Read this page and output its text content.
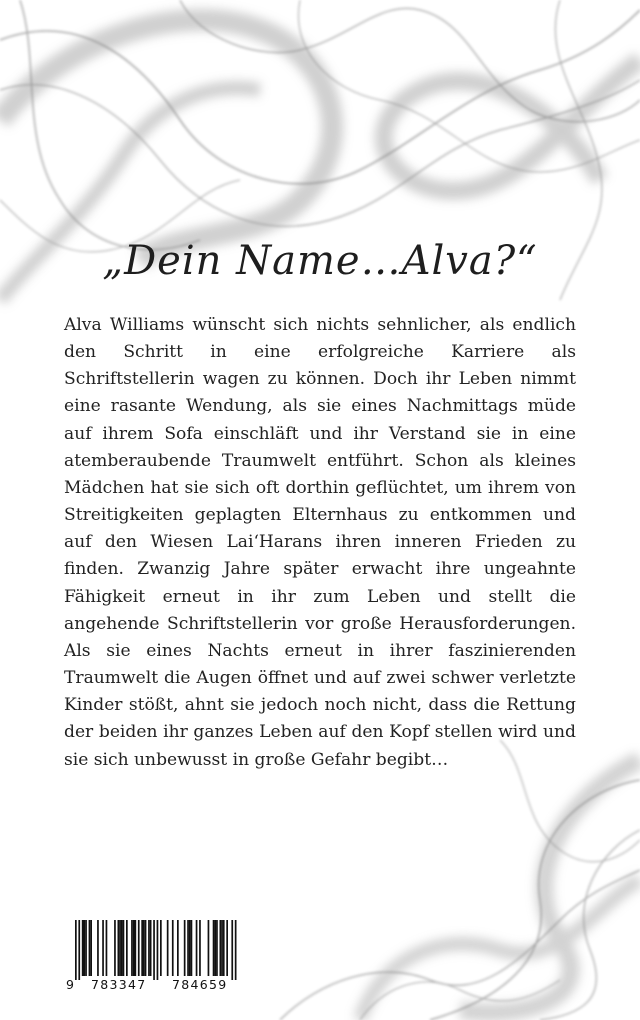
„Dein Name…Alva?“

Alva Williams wünscht sich nichts sehnlicher, als endlich den Schritt in eine erfolgreiche Karriere als Schriftstellerin wagen zu können. Doch ihr Leben nimmt eine rasante Wendung, als sie eines Nachmittags müde auf ihrem Sofa einschläft und ihr Verstand sie in eine atemberaubende Traumwelt entführt. Schon als kleines Mädchen hat sie sich oft dorthin geflüchtet, um ihrem von Streitigkeiten geplagten Elternhaus zu entkommen und auf den Wiesen Lai‘Harans ihren inneren Frieden zu finden. Zwanzig Jahre später erwacht ihre ungeahnte Fähigkeit erneut in ihr zum Leben und stellt die angehende Schriftstellerin vor große Herausforderungen. Als sie eines Nachts erneut in ihrer faszinierenden Traumwelt die Augen öffnet und auf zwei schwer verletzte Kinder stößt, ahnt sie jedoch noch nicht, dass die Rettung der beiden ihr ganzes Leben auf den Kopf stellen wird und sie sich unbewusst in große Gefahr begibt…

9 783347 784659
